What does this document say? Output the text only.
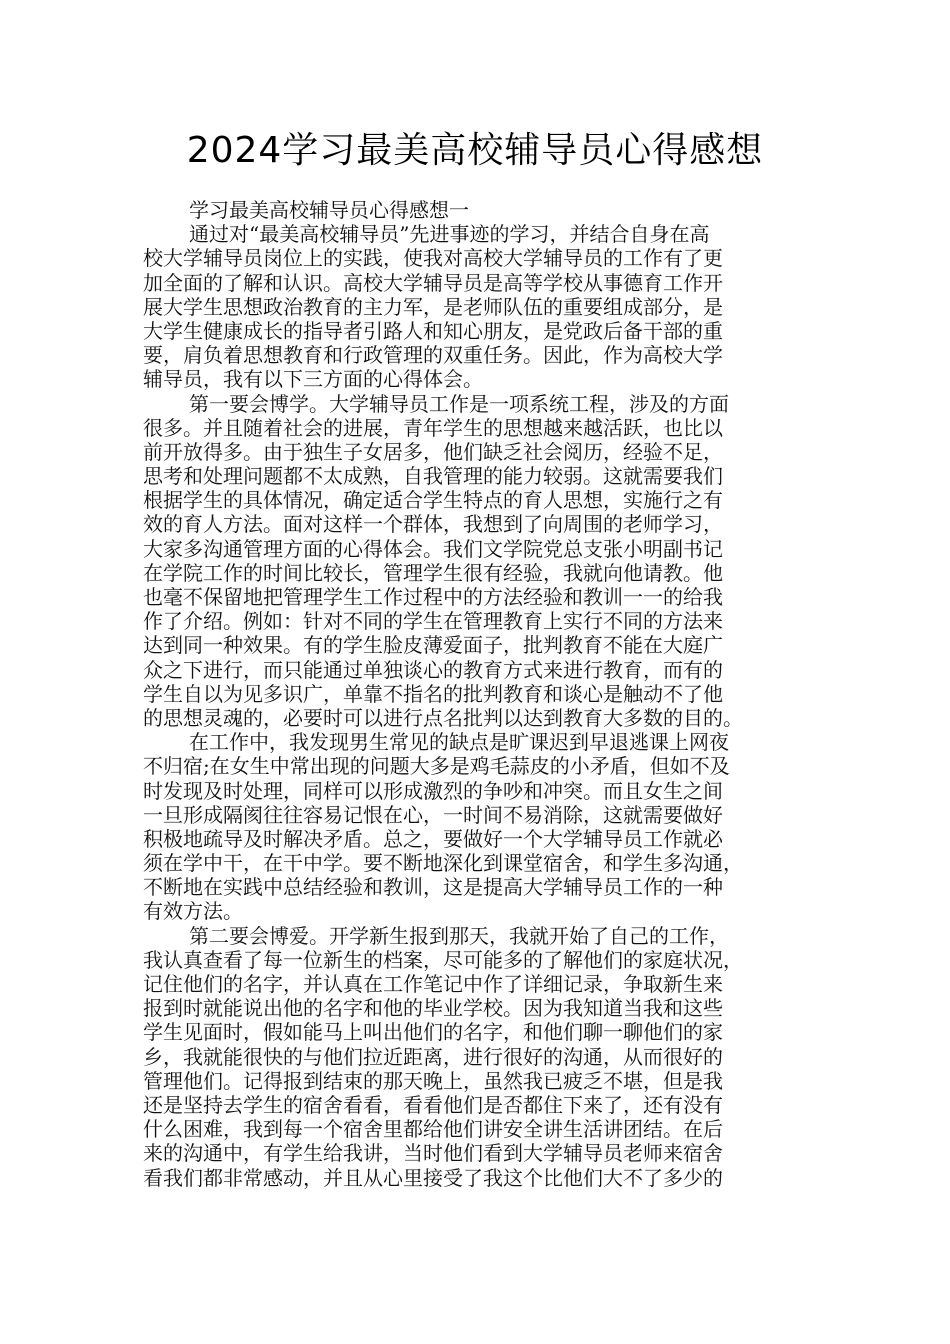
2024学习最美高校辅导员心得感想
学习最美高校辅导员心得感想一
通过对“最美高校辅导员”先进事迹的学习，并结合自身在高
校大学辅导员岗位上的实践，使我对高校大学辅导员的工作有了更
加全面的了解和认识。高校大学辅导员是高等学校从事德育工作开
展大学生思想政治教育的主力军，是老师队伍的重要组成部分，是
大学生健康成长的指导者引路人和知心朋友，是党政后备干部的重
要，肩负着思想教育和行政管理的双重任务。因此，作为高校大学
辅导员，我有以下三方面的心得体会。
第一要会博学。大学辅导员工作是一项系统工程，涉及的方面
很多。并且随着社会的进展，青年学生的思想越来越活跃，也比以
前开放得多。由于独生子女居多，他们缺乏社会阅历，经验不足，
思考和处理问题都不太成熟，自我管理的能力较弱。这就需要我们
根据学生的具体情况，确定适合学生特点的育人思想，实施行之有
效的育人方法。面对这样一个群体，我想到了向周围的老师学习，
大家多沟通管理方面的心得体会。我们文学院党总支张小明副书记
在学院工作的时间比较长，管理学生很有经验，我就向他请教。他
也毫不保留地把管理学生工作过程中的方法经验和教训一一的给我
作了介绍。例如：针对不同的学生在管理教育上实行不同的方法来
达到同一种效果。有的学生脸皮薄爱面子，批判教育不能在大庭广
众之下进行，而只能通过单独谈心的教育方式来进行教育，而有的
学生自以为见多识广，单靠不指名的批判教育和谈心是触动不了他
的思想灵魂的，必要时可以进行点名批判以达到教育大多数的目的。
在工作中，我发现男生常见的缺点是旷课迟到早退逃课上网夜
不归宿;在女生中常出现的问题大多是鸡毛蒜皮的小矛盾，但如不及
时发现及时处理，同样可以形成激烈的争吵和冲突。而且女生之间
一旦形成隔阂往往容易记恨在心，一时间不易消除，这就需要做好
积极地疏导及时解决矛盾。总之，要做好一个大学辅导员工作就必
须在学中干，在干中学。要不断地深化到课堂宿舍，和学生多沟通，
不断地在实践中总结经验和教训，这是提高大学辅导员工作的一种
有效方法。
第二要会博爱。开学新生报到那天，我就开始了自己的工作，
我认真查看了每一位新生的档案，尽可能多的了解他们的家庭状况，
记住他们的名字，并认真在工作笔记中作了详细记录，争取新生来
报到时就能说出他的名字和他的毕业学校。因为我知道当我和这些
学生见面时，假如能马上叫出他们的名字，和他们聊一聊他们的家
乡，我就能很快的与他们拉近距离，进行很好的沟通，从而很好的
管理他们。记得报到结束的那天晚上，虽然我已疲乏不堪，但是我
还是坚持去学生的宿舍看看，看看他们是否都住下来了，还有没有
什么困难，我到每一个宿舍里都给他们讲安全讲生活讲团结。在后
来的沟通中，有学生给我讲，当时他们看到大学辅导员老师来宿舍
看我们都非常感动，并且从心里接受了我这个比他们大不了多少的
